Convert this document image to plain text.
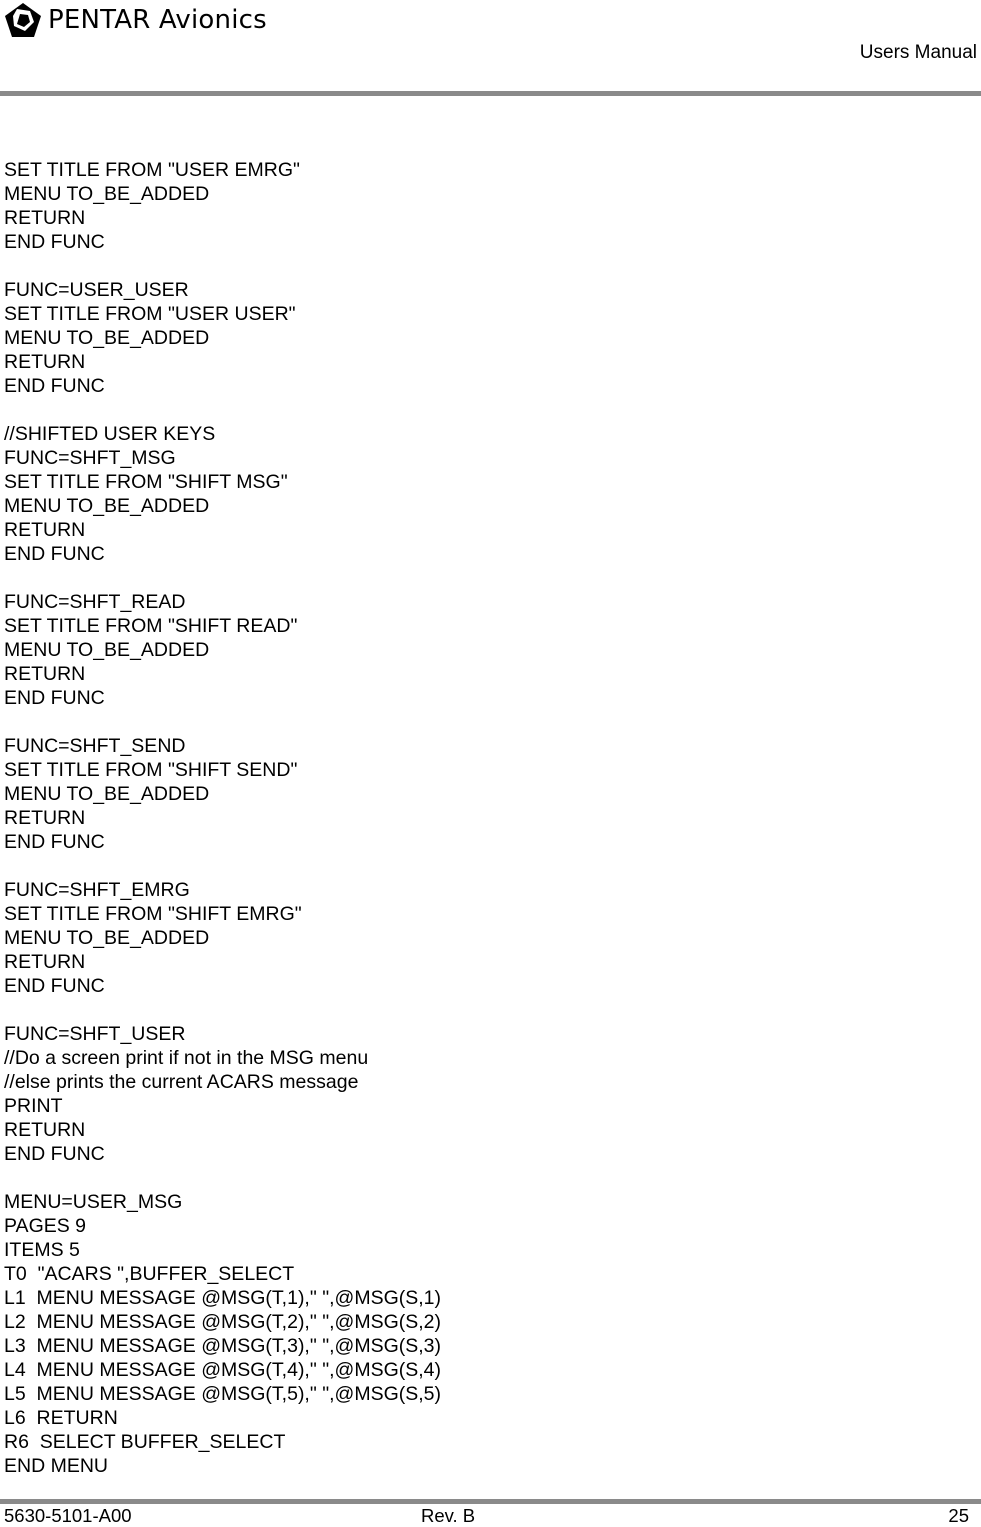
PENTAR Avionics
Users Manual
SET TITLE FROM "USER EMRG"
MENU TO_BE_ADDED
RETURN
END FUNC
FUNC=USER_USER
SET TITLE FROM "USER USER"
MENU TO_BE_ADDED
RETURN
END FUNC
//SHIFTED USER KEYS
FUNC=SHFT_MSG
SET TITLE FROM "SHIFT MSG"
MENU TO_BE_ADDED
RETURN
END FUNC
FUNC=SHFT_READ
SET TITLE FROM "SHIFT READ"
MENU TO_BE_ADDED
RETURN
END FUNC
FUNC=SHFT_SEND
SET TITLE FROM "SHIFT SEND"
MENU TO_BE_ADDED
RETURN
END FUNC
FUNC=SHFT_EMRG
SET TITLE FROM "SHIFT EMRG"
MENU TO_BE_ADDED
RETURN
END FUNC
FUNC=SHFT_USER
//Do a screen print if not in the MSG menu
//else prints the current ACARS message
PRINT
RETURN
END FUNC
MENU=USER_MSG
PAGES 9
ITEMS 5
T0  "ACARS ",BUFFER_SELECT
L1  MENU MESSAGE @MSG(T,1)," ",@MSG(S,1)
L2  MENU MESSAGE @MSG(T,2)," ",@MSG(S,2)
L3  MENU MESSAGE @MSG(T,3)," ",@MSG(S,3)
L4  MENU MESSAGE @MSG(T,4)," ",@MSG(S,4)
L5  MENU MESSAGE @MSG(T,5)," ",@MSG(S,5)
L6  RETURN
R6  SELECT BUFFER_SELECT
END MENU
5630-5101-A00	Rev. B	25
